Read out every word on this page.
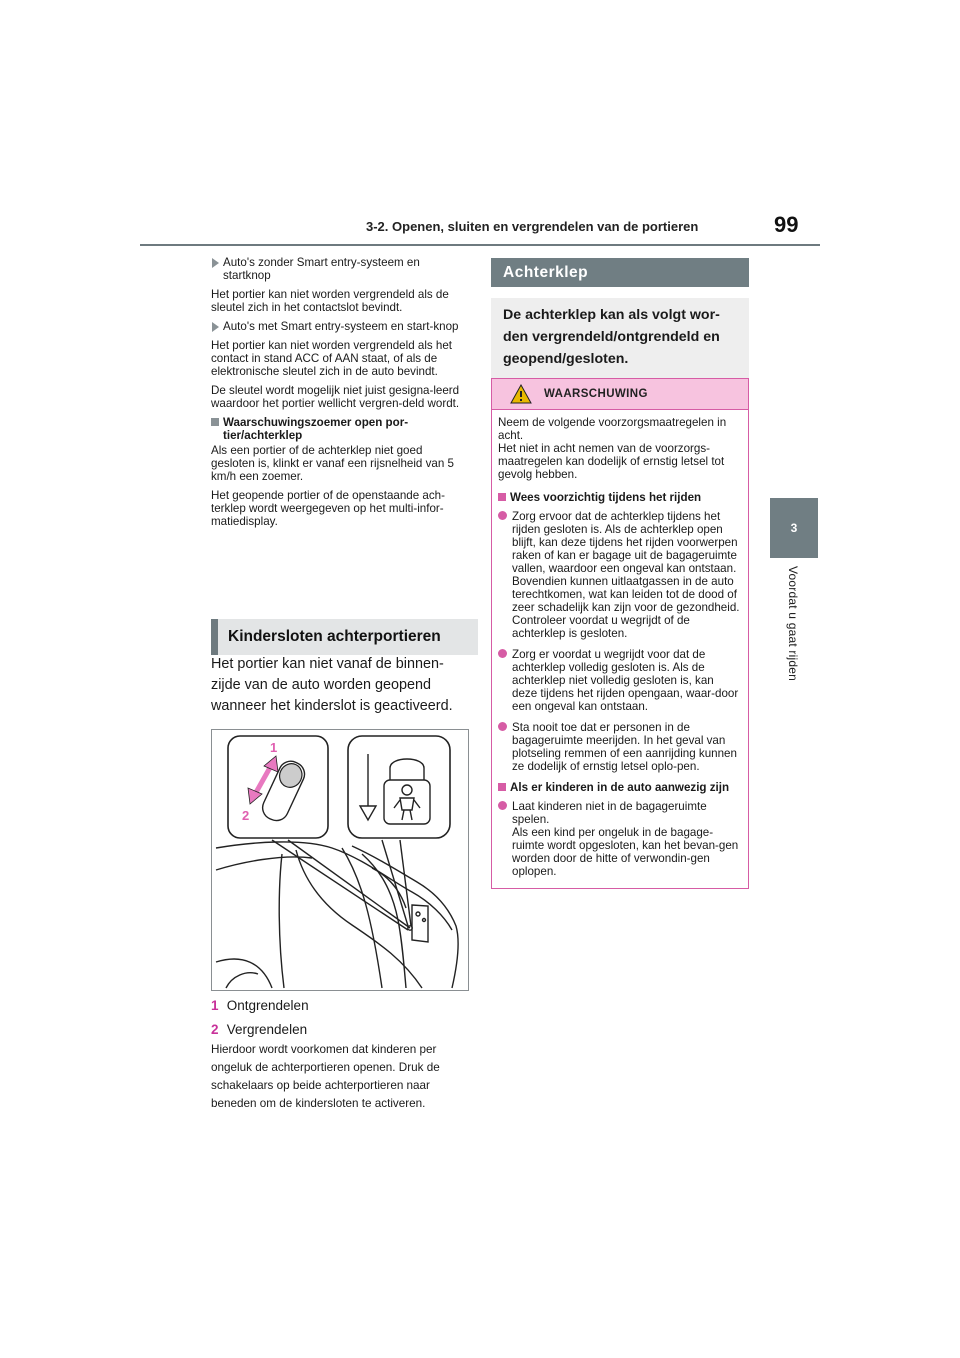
3-2. Openen, sluiten en vergrendelen van de portieren	99
3
Voordat u gaat rijden
Auto's zonder Smart entry-systeem en startknop

Het portier kan niet worden vergrendeld als de sleutel zich in het contactslot bevindt.

Auto's met Smart entry-systeem en start-knop

Het portier kan niet worden vergrendeld als het contact in stand ACC of AAN staat, of als de elektronische sleutel zich in de auto bevindt.

De sleutel wordt mogelijk niet juist gesigna-leerd waardoor het portier wellicht vergren-deld wordt.

Waarschuwingszoemer open por-tier/achterklep

Als een portier of de achterklep niet goed gesloten is, klinkt er vanaf een rijsnelheid van 5 km/h een zoemer.

Het geopende portier of de openstaande ach-terklep wordt weergegeven op het multi-infor-matiedisplay.

Kindersloten achterportieren
Het portier kan niet vanaf de binnen-zijde van de auto worden geopend wanneer het kinderslot is geactiveerd.
1
2
1 Ontgrendelen
2 Vergrendelen
Hierdoor wordt voorkomen dat kinderen per ongeluk de achterportieren openen. Druk de schakelaars op beide achterportieren naar beneden om de kindersloten te activeren.
Achterklep
De achterklep kan als volgt wor-den vergrendeld/ontgrendeld en geopend/gesloten.
WAARSCHUWING
Neem de volgende voorzorgsmaatregelen in acht.
Het niet in acht nemen van de voorzorgs-maatregelen kan dodelijk of ernstig letsel tot gevolg hebben.
Wees voorzichtig tijdens het rijden
Zorg ervoor dat de achterklep tijdens het rijden gesloten is. Als de achterklep open blijft, kan deze tijdens het rijden voorwerpen raken of kan er bagage uit de bagageruimte vallen, waardoor een ongeval kan ontstaan.
Bovendien kunnen uitlaatgassen in de auto terechtkomen, wat kan leiden tot de dood of zeer schadelijk kan zijn voor de gezondheid. Controleer voordat u wegrijdt of de achterklep is gesloten.
Zorg er voordat u wegrijdt voor dat de achterklep volledig gesloten is. Als de achterklep niet volledig gesloten is, kan deze tijdens het rijden opengaan, waar-door een ongeval kan ontstaan.
Sta nooit toe dat er personen in de bagageruimte meerijden. In het geval van plotseling remmen of een aanrijding kunnen ze dodelijk of ernstig letsel oplo-pen.
Als er kinderen in de auto aanwezig zijn
Laat kinderen niet in de bagageruimte spelen.
Als een kind per ongeluk in de bagage-ruimte wordt opgesloten, kan het bevan-gen worden door de hitte of verwondin-gen oplopen.
